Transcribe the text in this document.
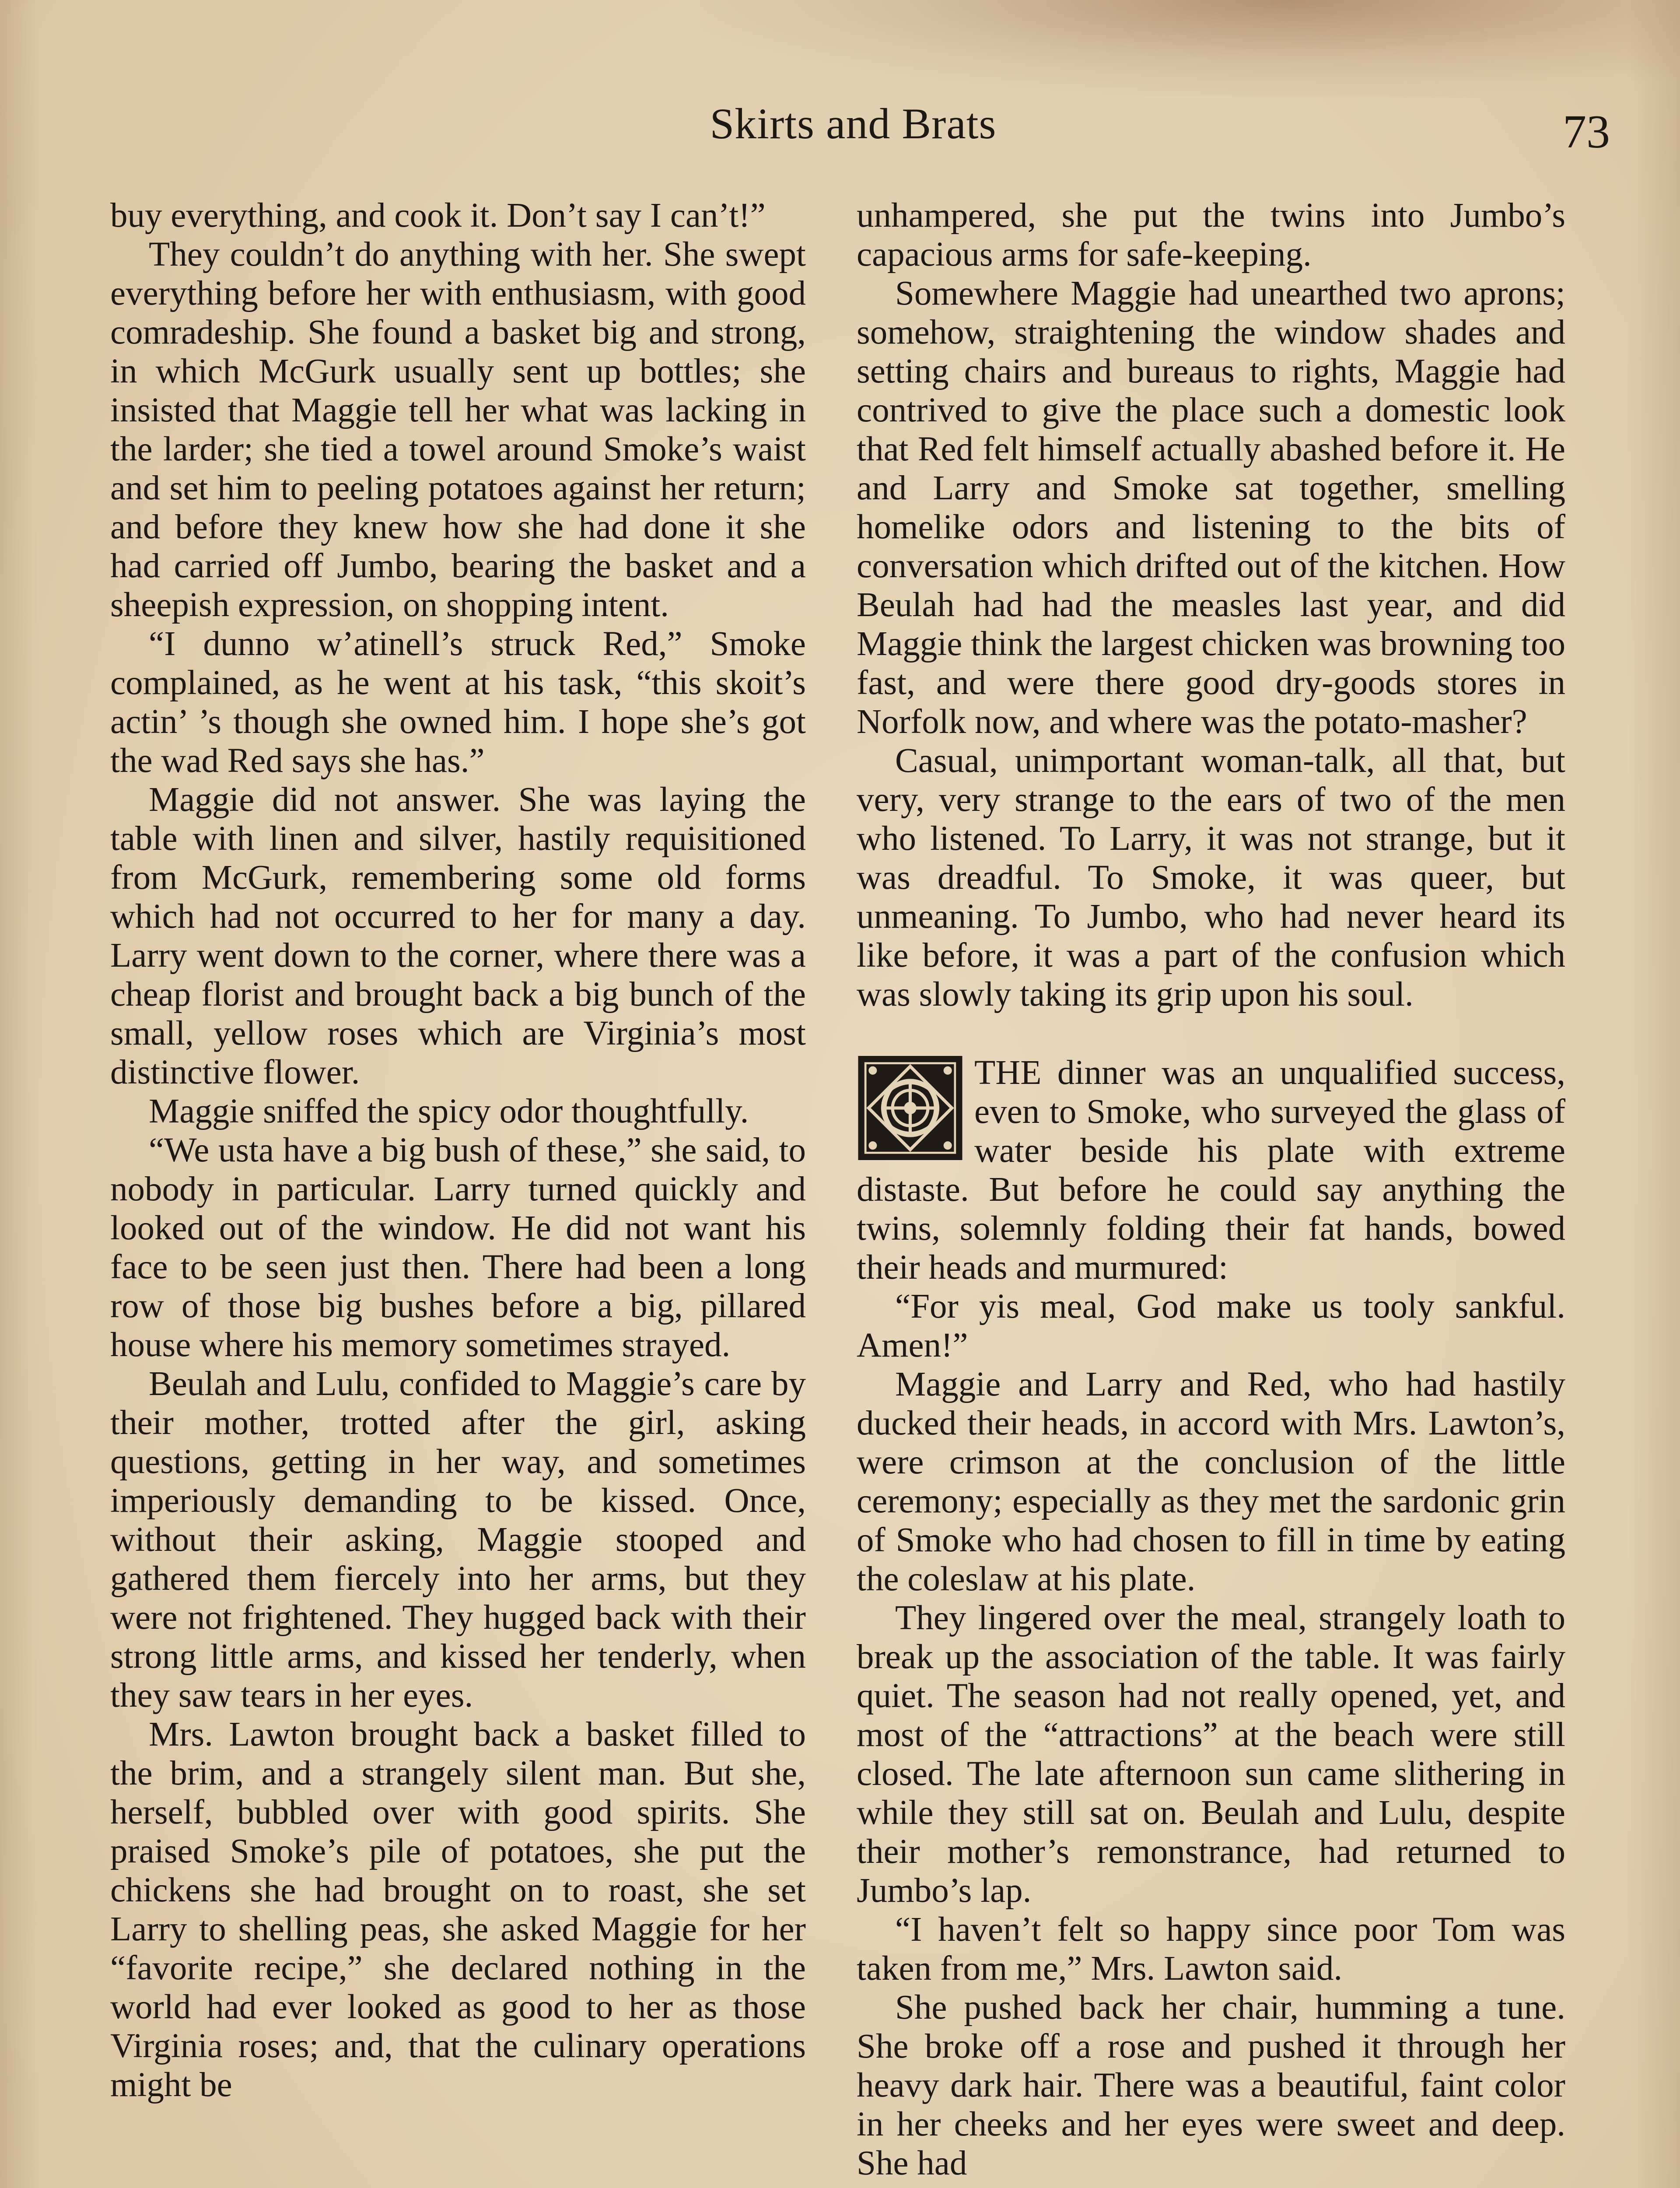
Skirts and Brats	73

buy everything, and cook it. Don’t say I can’t!”

They couldn’t do anything with her. She swept everything before her with enthusiasm, with good comradeship. She found a basket big and strong, in which McGurk usually sent up bottles; she insisted that Maggie tell her what was lacking in the larder; she tied a towel around Smoke’s waist and set him to peeling potatoes against her return; and before they knew how she had done it she had carried off Jumbo, bearing the basket and a sheepish expression, on shopping intent.

“I dunno w’atinell’s struck Red,” Smoke complained, as he went at his task, “this skoit’s actin’ ’s though she owned him. I hope she’s got the wad Red says she has.”

Maggie did not answer. She was laying the table with linen and silver, hastily requisitioned from McGurk, remembering some old forms which had not occurred to her for many a day. Larry went down to the corner, where there was a cheap florist and brought back a big bunch of the small, yellow roses which are Virginia’s most distinctive flower.

Maggie sniffed the spicy odor thoughtfully.

“We usta have a big bush of these,” she said, to nobody in particular. Larry turned quickly and looked out of the window. He did not want his face to be seen just then. There had been a long row of those big bushes before a big, pillared house where his memory sometimes strayed.

Beulah and Lulu, confided to Maggie’s care by their mother, trotted after the girl, asking questions, getting in her way, and sometimes imperiously demanding to be kissed. Once, without their asking, Maggie stooped and gathered them fiercely into her arms, but they were not frightened. They hugged back with their strong little arms, and kissed her tenderly, when they saw tears in her eyes.

Mrs. Lawton brought back a basket filled to the brim, and a strangely silent man. But she, herself, bubbled over with good spirits. She praised Smoke’s pile of potatoes, she put the chickens she had brought on to roast, she set Larry to shelling peas, she asked Maggie for her “favorite recipe,” she declared nothing in the world had ever looked as good to her as those Virginia roses; and, that the culinary operations might be

unhampered, she put the twins into Jumbo’s capacious arms for safe-keeping.

Somewhere Maggie had unearthed two aprons; somehow, straightening the window shades and setting chairs and bureaus to rights, Maggie had contrived to give the place such a domestic look that Red felt himself actually abashed before it. He and Larry and Smoke sat together, smelling homelike odors and listening to the bits of conversation which drifted out of the kitchen. How Beulah had had the measles last year, and did Maggie think the largest chicken was browning too fast, and were there good dry-goods stores in Norfolk now, and where was the potato-masher?

Casual, unimportant woman-talk, all that, but very, very strange to the ears of two of the men who listened. To Larry, it was not strange, but it was dreadful. To Smoke, it was queer, but unmeaning. To Jumbo, who had never heard its like before, it was a part of the confusion which was slowly taking its grip upon his soul.

THE dinner was an unqualified success, even to Smoke, who surveyed the glass of water beside his plate with extreme distaste. But before he could say anything the twins, solemnly folding their fat hands, bowed their heads and murmured:

“For yis meal, God make us tooly sankful. Amen!”

Maggie and Larry and Red, who had hastily ducked their heads, in accord with Mrs. Lawton’s, were crimson at the conclusion of the little ceremony; especially as they met the sardonic grin of Smoke who had chosen to fill in time by eating the coleslaw at his plate.

They lingered over the meal, strangely loath to break up the association of the table. It was fairly quiet. The season had not really opened, yet, and most of the “attractions” at the beach were still closed. The late afternoon sun came slithering in while they still sat on. Beulah and Lulu, despite their mother’s remonstrance, had returned to Jumbo’s lap.

“I haven’t felt so happy since poor Tom was taken from me,” Mrs. Lawton said.

She pushed back her chair, humming a tune. She broke off a rose and pushed it through her heavy dark hair. There was a beautiful, faint color in her cheeks and her eyes were sweet and deep. She had
